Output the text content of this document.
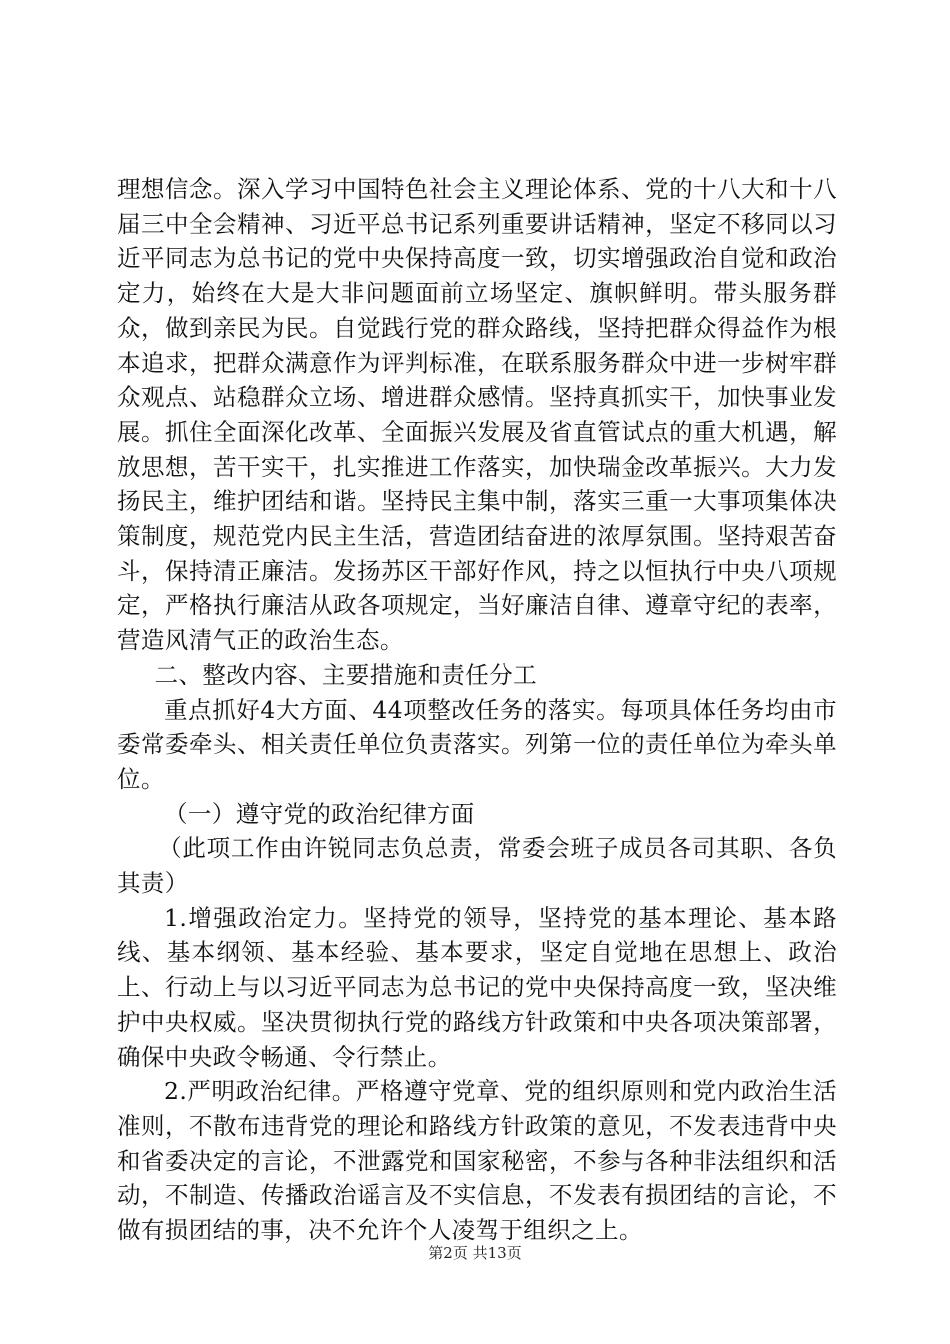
理想信念。深入学习中国特色社会主义理论体系、党的十八大和十八届三中全会精神、习近平总书记系列重要讲话精神，坚定不移同以习近平同志为总书记的党中央保持高度一致，切实增强政治自觉和政治定力，始终在大是大非问题面前立场坚定、旗帜鲜明。带头服务群众，做到亲民为民。自觉践行党的群众路线，坚持把群众得益作为根本追求，把群众满意作为评判标准，在联系服务群众中进一步树牢群众观点、站稳群众立场、增进群众感情。坚持真抓实干，加快事业发展。抓住全面深化改革、全面振兴发展及省直管试点的重大机遇，解放思想，苦干实干，扎实推进工作落实，加快瑞金改革振兴。大力发扬民主，维护团结和谐。坚持民主集中制，落实三重一大事项集体决策制度，规范党内民主生活，营造团结奋进的浓厚氛围。坚持艰苦奋斗，保持清正廉洁。发扬苏区干部好作风，持之以恒执行中央八项规定，严格执行廉洁从政各项规定，当好廉洁自律、遵章守纪的表率，营造风清气正的政治生态。

二、整改内容、主要措施和责任分工

重点抓好4大方面、44项整改任务的落实。每项具体任务均由市委常委牵头、相关责任单位负责落实。列第一位的责任单位为牵头单位。

（一）遵守党的政治纪律方面

（此项工作由许锐同志负总责，常委会班子成员各司其职、各负其责）

1.增强政治定力。坚持党的领导，坚持党的基本理论、基本路线、基本纲领、基本经验、基本要求，坚定自觉地在思想上、政治上、行动上与以习近平同志为总书记的党中央保持高度一致，坚决维护中央权威。坚决贯彻执行党的路线方针政策和中央各项决策部署，确保中央政令畅通、令行禁止。

2.严明政治纪律。严格遵守党章、党的组织原则和党内政治生活准则，不散布违背党的理论和路线方针政策的意见，不发表违背中央和省委决定的言论，不泄露党和国家秘密，不参与各种非法组织和活动，不制造、传播政治谣言及不实信息，不发表有损团结的言论，不做有损团结的事，决不允许个人凌驾于组织之上。

第2页 共13页
